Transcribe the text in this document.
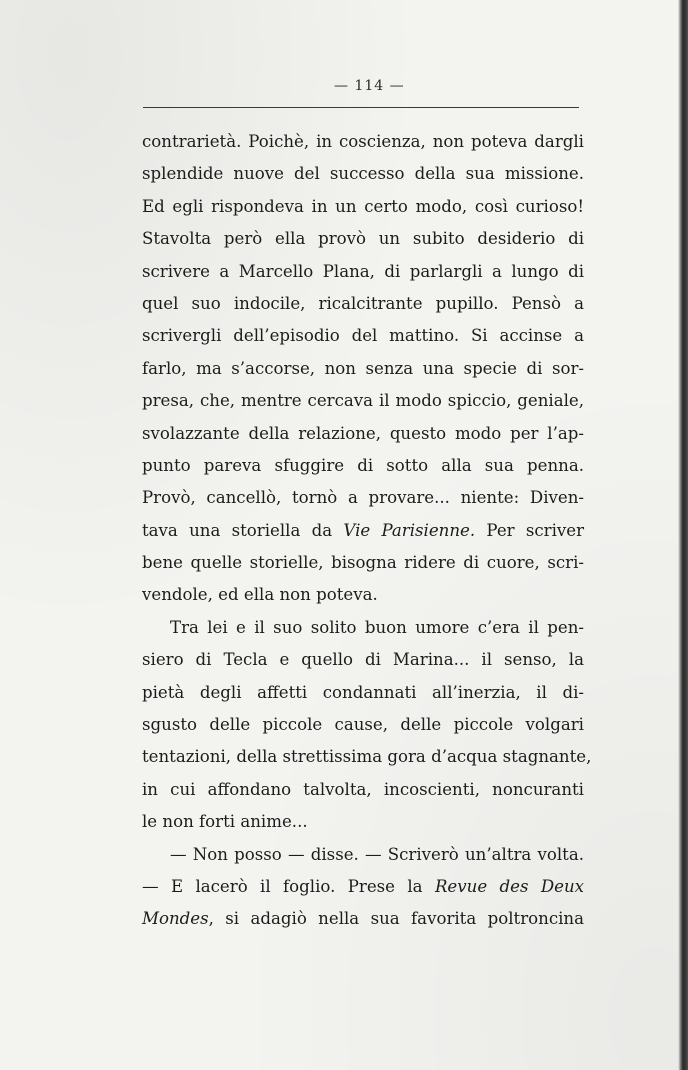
— 114 —
contrarietà. Poichè, in coscienza, non poteva dargli
splendide nuove del successo della sua missione.
Ed egli rispondeva in un certo modo, così curioso!
Stavolta però ella provò un subito desiderio di
scrivere a Marcello Plana, di parlargli a lungo di
quel suo indocile, ricalcitrante pupillo. Pensò a
scrivergli dell’episodio del mattino. Si accinse a
farlo, ma s’accorse, non senza una specie di sor-
presa, che, mentre cercava il modo spiccio, geniale,
svolazzante della relazione, questo modo per l’ap-
punto pareva sfuggire di sotto alla sua penna.
Provò, cancellò, tornò a provare... niente: Diven-
tava una storiella da Vie Parisienne. Per scriver
bene quelle storielle, bisogna ridere di cuore, scri-
vendole, ed ella non poteva.
Tra lei e il suo solito buon umore c’era il pen-
siero di Tecla e quello di Marina... il senso, la
pietà degli affetti condannati all’inerzia, il di-
sgusto delle piccole cause, delle piccole volgari
tentazioni, della strettissima gora d’acqua stagnante,
in cui affondano talvolta, incoscienti, noncuranti
le non forti anime...
— Non posso — disse. — Scriverò un’altra volta.
— E lacerò il foglio. Prese la Revue des Deux
Mondes, si adagiò nella sua favorita poltroncina
